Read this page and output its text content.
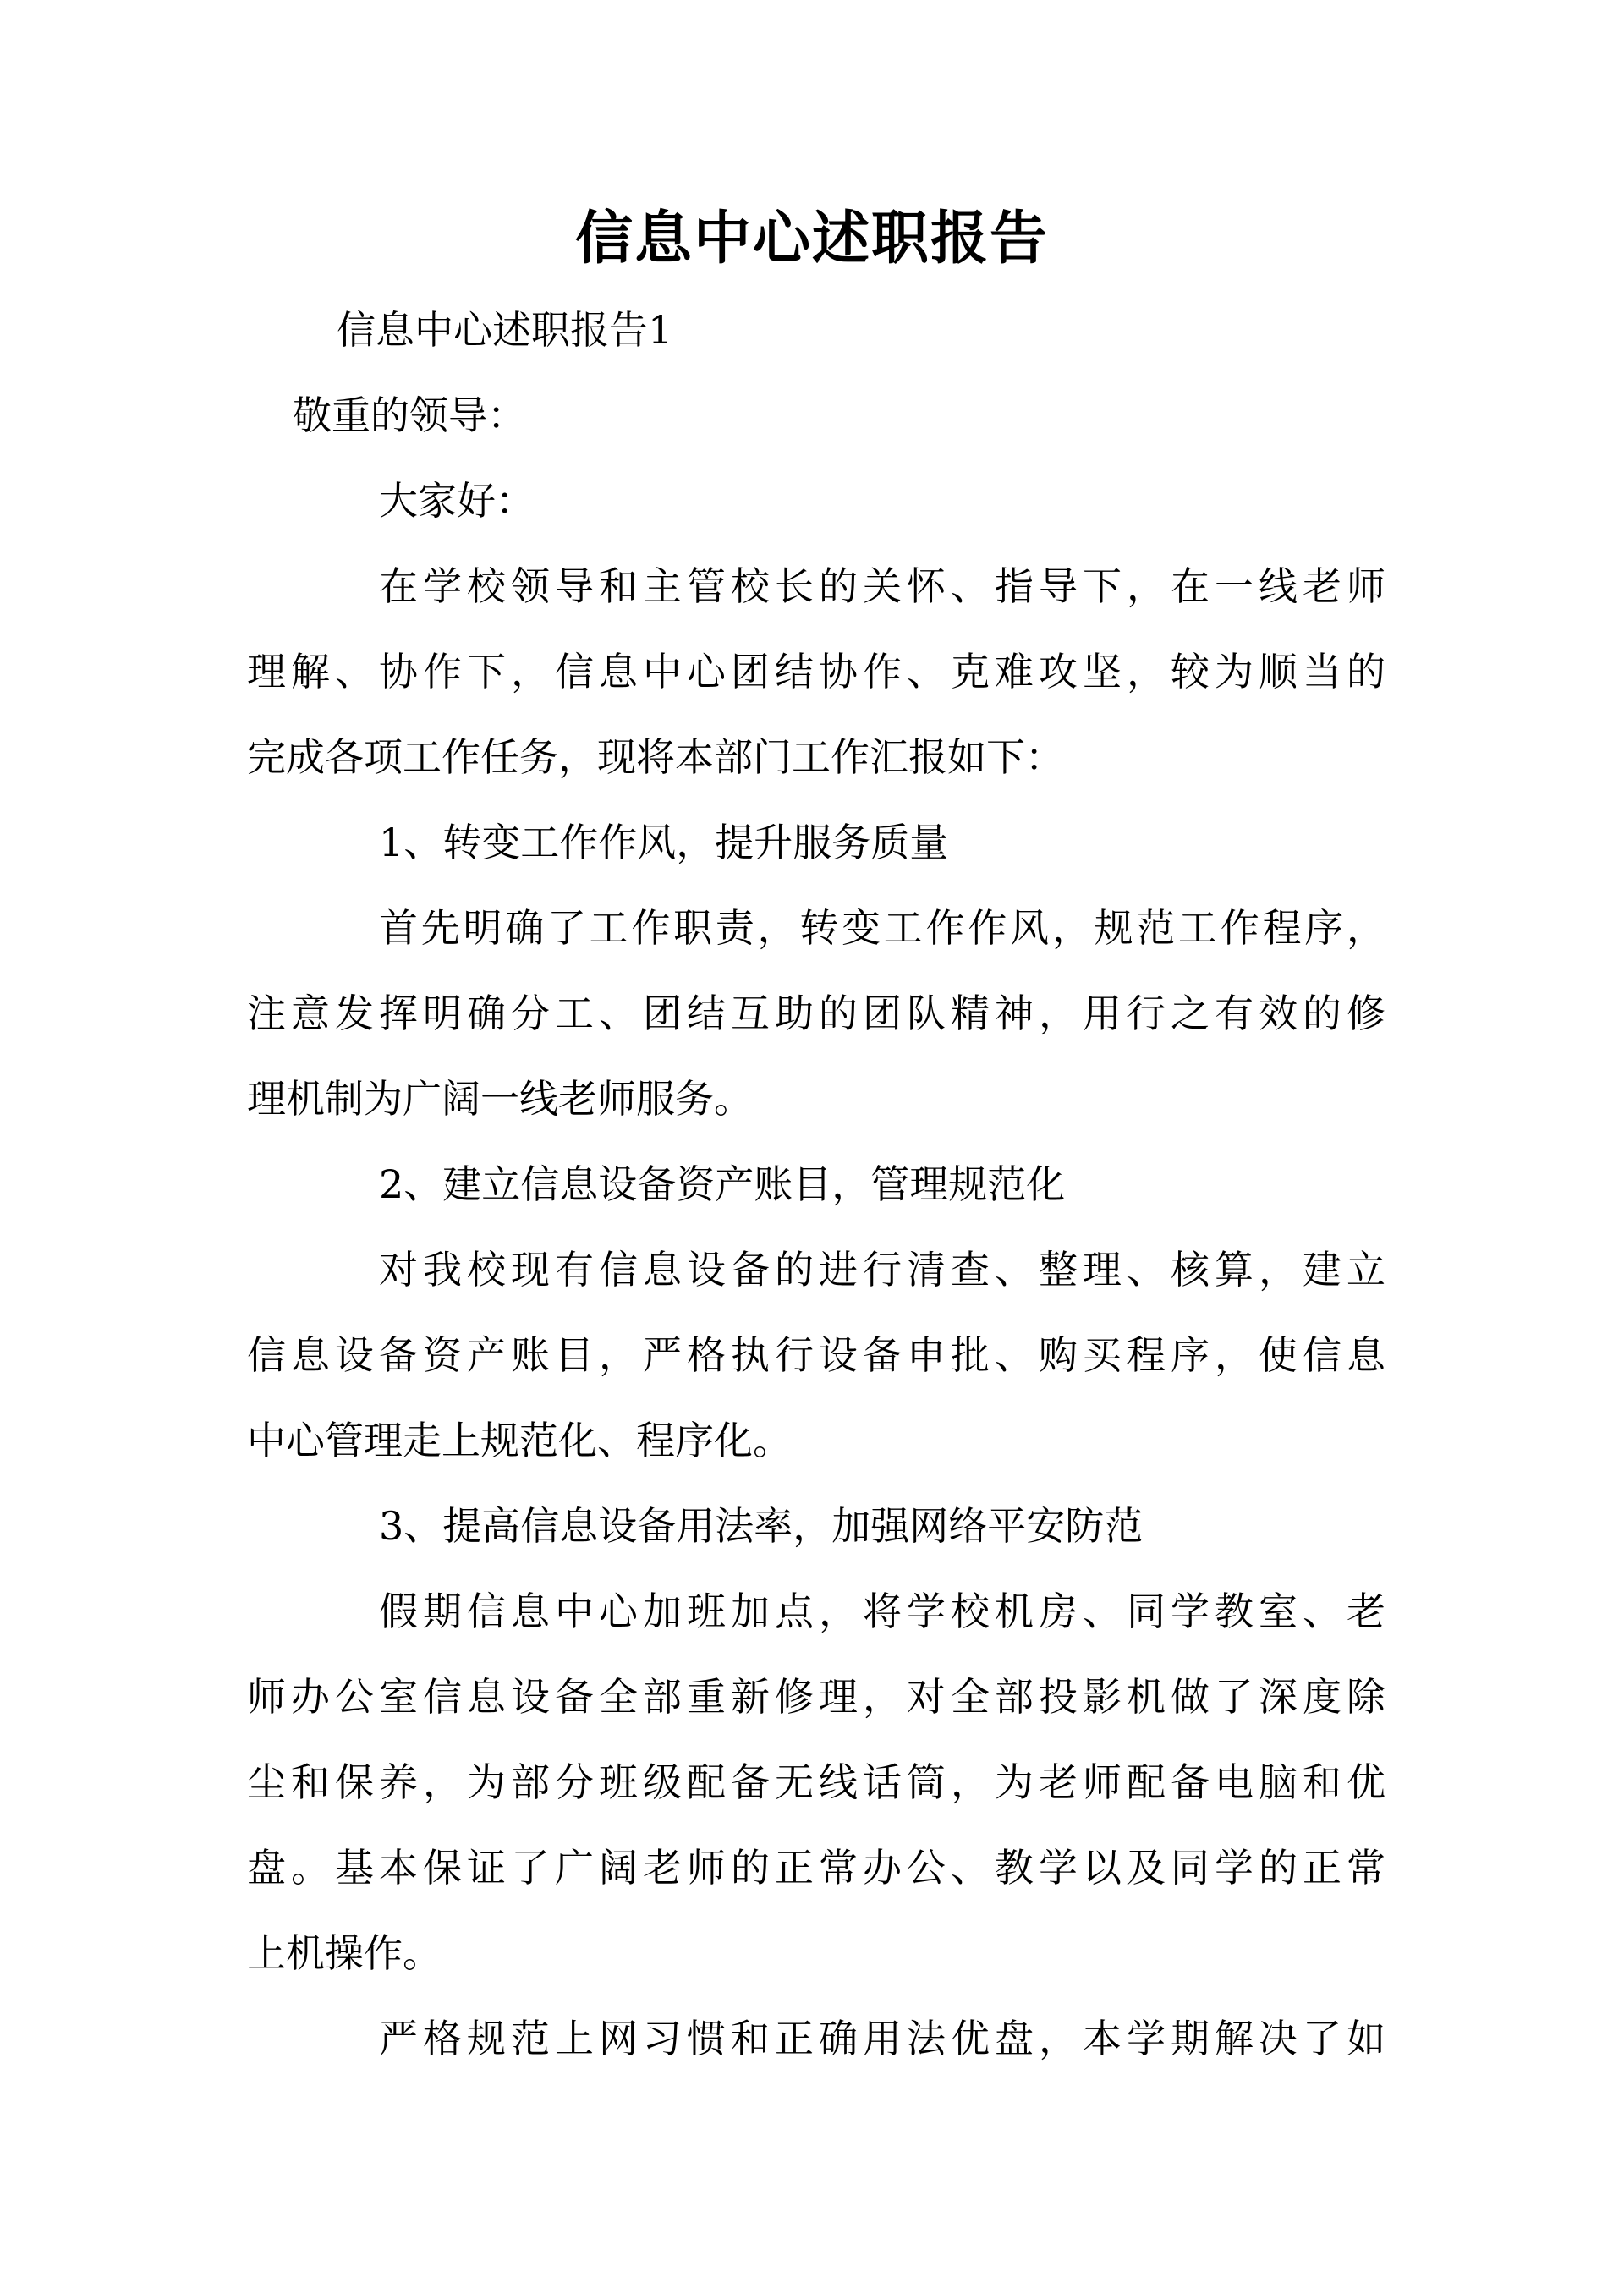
信息中心述职报告

信息中心述职报告1

敬重的领导：

大家好：

在学校领导和主管校长的关怀、指导下，在一线老师

理解、协作下，信息中心团结协作、克难攻坚，较为顺当的

完成各项工作任务，现将本部门工作汇报如下：

1、转变工作作风，提升服务质量

首先明确了工作职责，转变工作作风，规范工作程序，

注意发挥明确分工、团结互助的团队精神，用行之有效的修

理机制为广阔一线老师服务。

2、建立信息设备资产账目，管理规范化

对我校现有信息设备的进行清查、整理、核算，建立

信息设备资产账目，严格执行设备申批、购买程序，使信息

中心管理走上规范化、程序化。

3、提高信息设备用法率，加强网络平安防范

假期信息中心加班加点，将学校机房、同学教室、老

师办公室信息设备全部重新修理，对全部投影机做了深度除

尘和保养，为部分班级配备无线话筒，为老师配备电脑和优

盘。基本保证了广阔老师的正常办公、教学以及同学的正常

上机操作。

严格规范上网习惯和正确用法优盘，本学期解决了如
